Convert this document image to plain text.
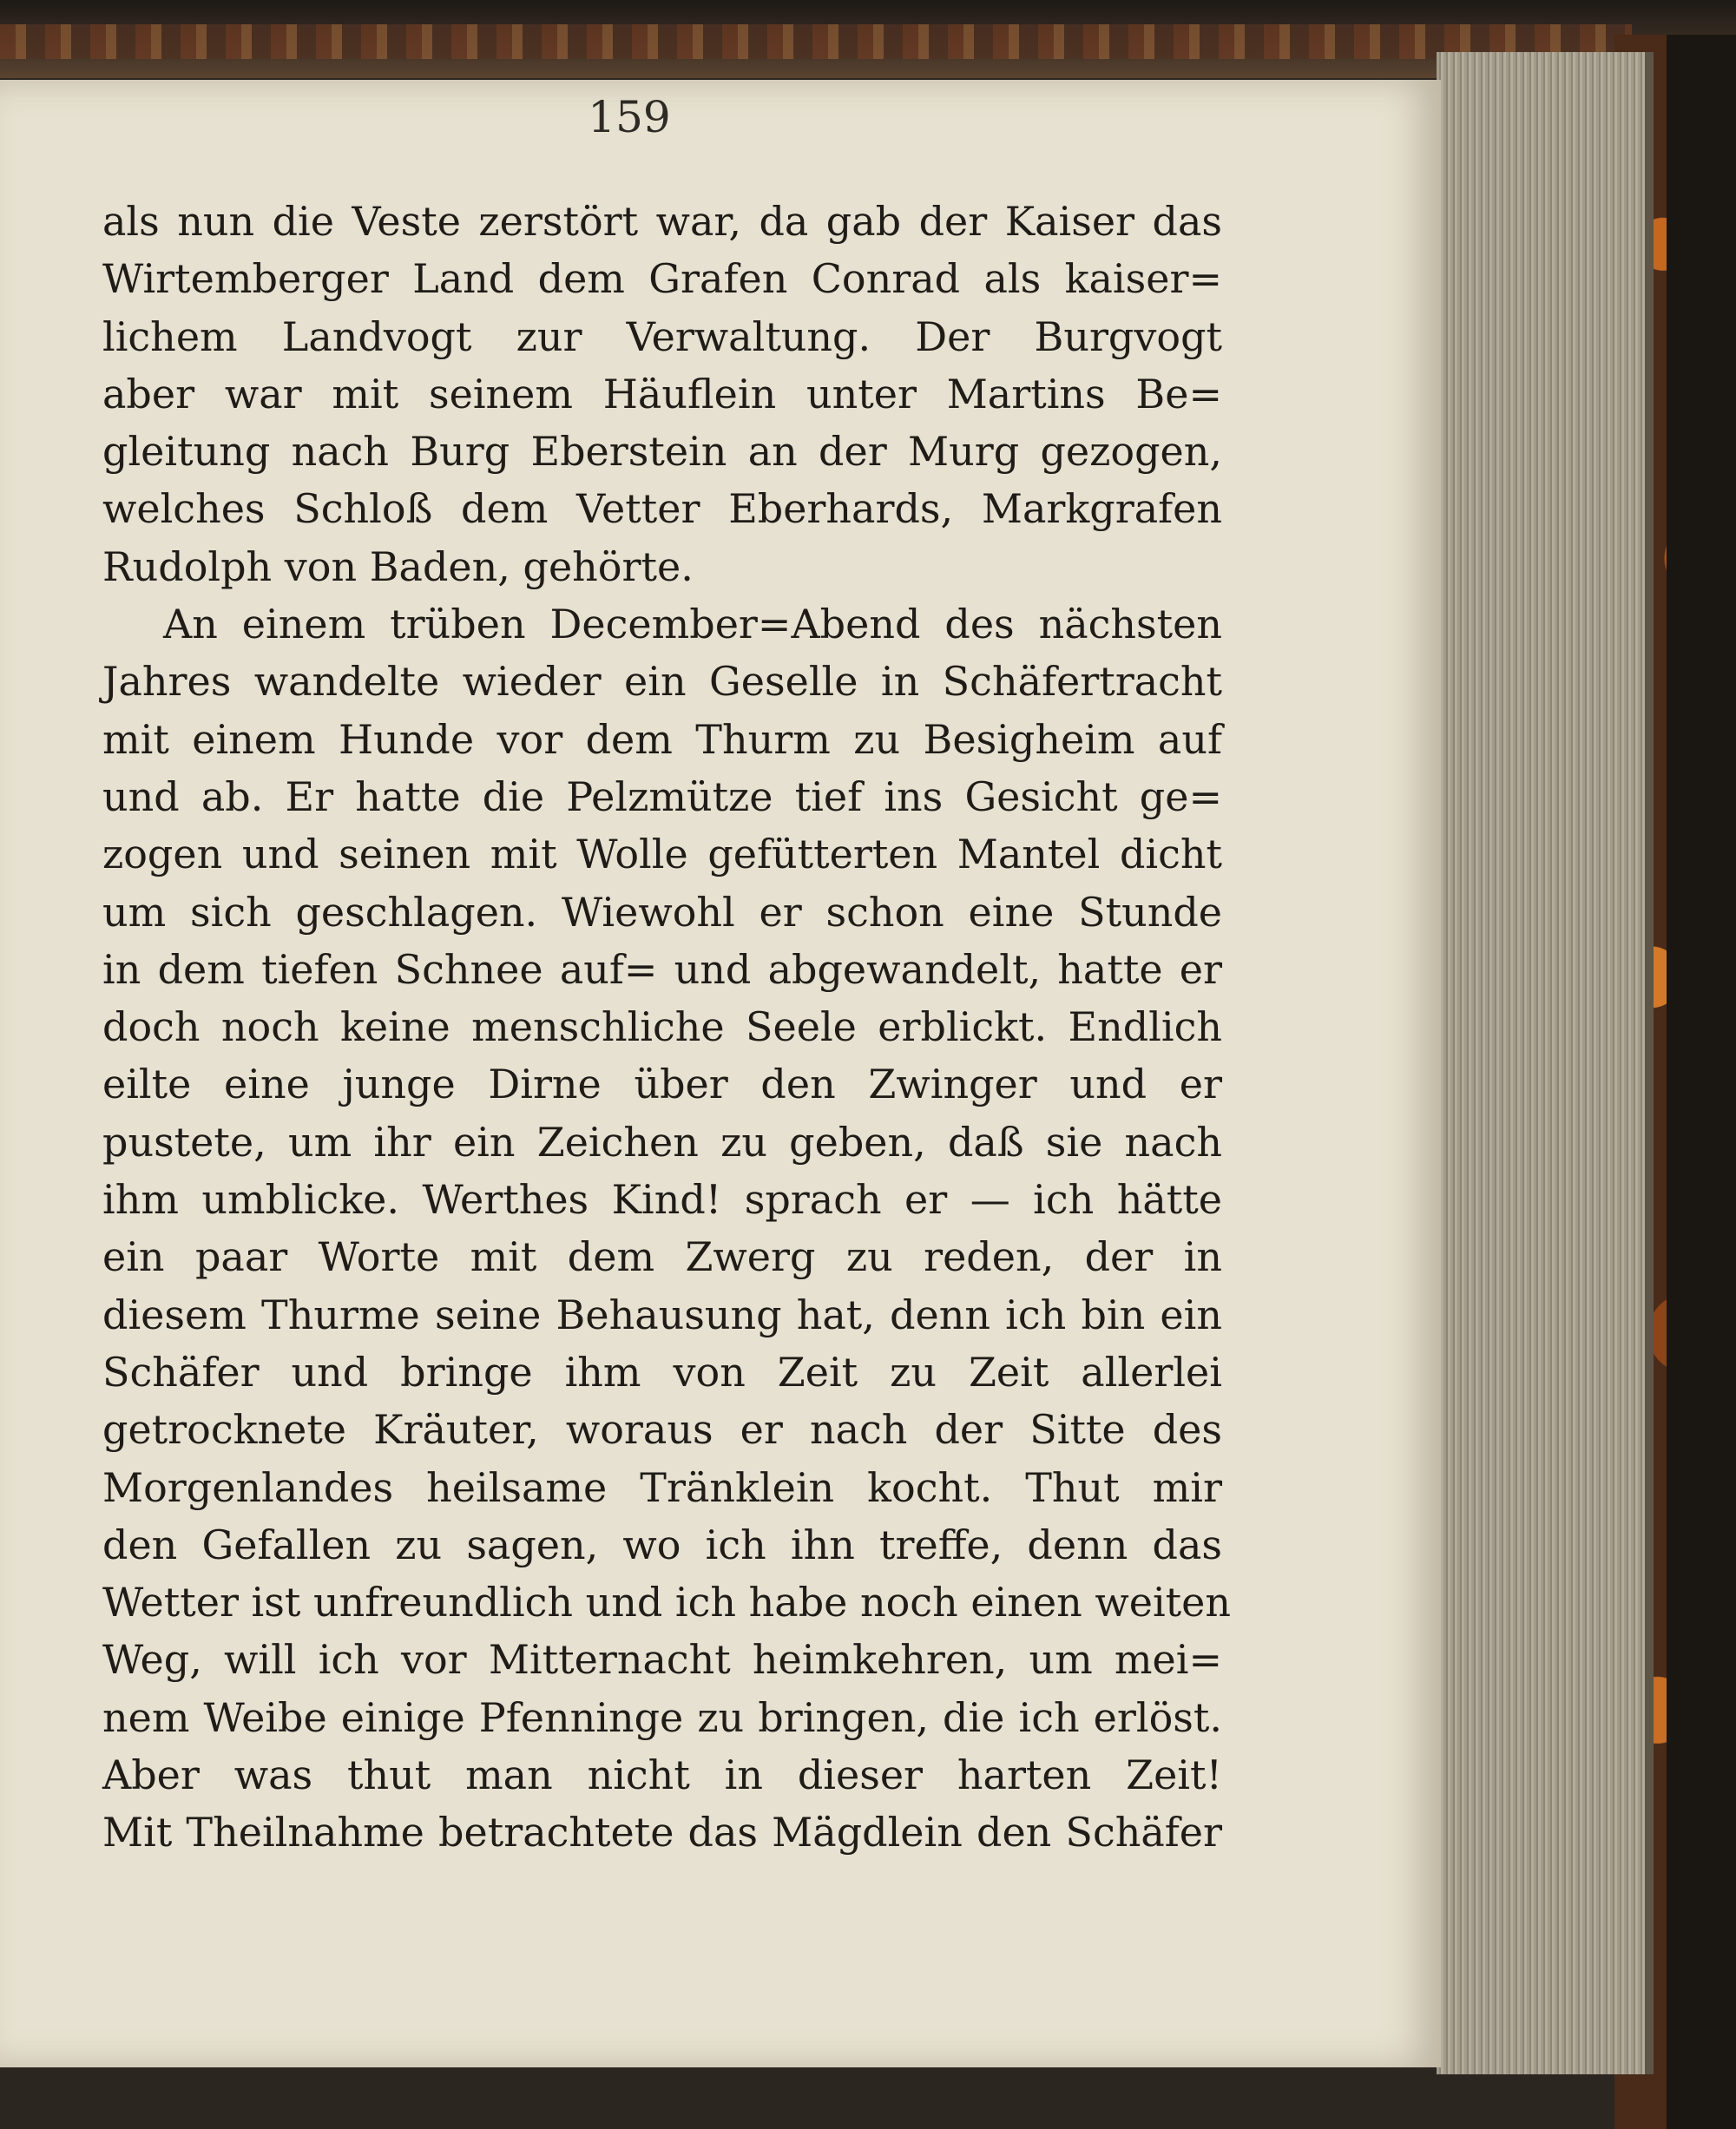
159
als nun die Veste zerstört war, da gab der Kaiser das
Wirtemberger Land dem Grafen Conrad als kaiser=
lichem Landvogt zur Verwaltung. Der Burgvogt
aber war mit seinem Häuflein unter Martins Be=
gleitung nach Burg Eberstein an der Murg gezogen,
welches Schloß dem Vetter Eberhards, Markgrafen
Rudolph von Baden, gehörte.
An einem trüben December=Abend des nächsten
Jahres wandelte wieder ein Geselle in Schäfertracht
mit einem Hunde vor dem Thurm zu Besigheim auf
und ab. Er hatte die Pelzmütze tief ins Gesicht ge=
zogen und seinen mit Wolle gefütterten Mantel dicht
um sich geschlagen. Wiewohl er schon eine Stunde
in dem tiefen Schnee auf= und abgewandelt, hatte er
doch noch keine menschliche Seele erblickt. Endlich
eilte eine junge Dirne über den Zwinger und er
pustete, um ihr ein Zeichen zu geben, daß sie nach
ihm umblicke. Werthes Kind! sprach er — ich hätte
ein paar Worte mit dem Zwerg zu reden, der in
diesem Thurme seine Behausung hat, denn ich bin ein
Schäfer und bringe ihm von Zeit zu Zeit allerlei
getrocknete Kräuter, woraus er nach der Sitte des
Morgenlandes heilsame Tränklein kocht. Thut mir
den Gefallen zu sagen, wo ich ihn treffe, denn das
Wetter ist unfreundlich und ich habe noch einen weiten
Weg, will ich vor Mitternacht heimkehren, um mei=
nem Weibe einige Pfenninge zu bringen, die ich erlöst.
Aber was thut man nicht in dieser harten Zeit!
Mit Theilnahme betrachtete das Mägdlein den Schäfer
